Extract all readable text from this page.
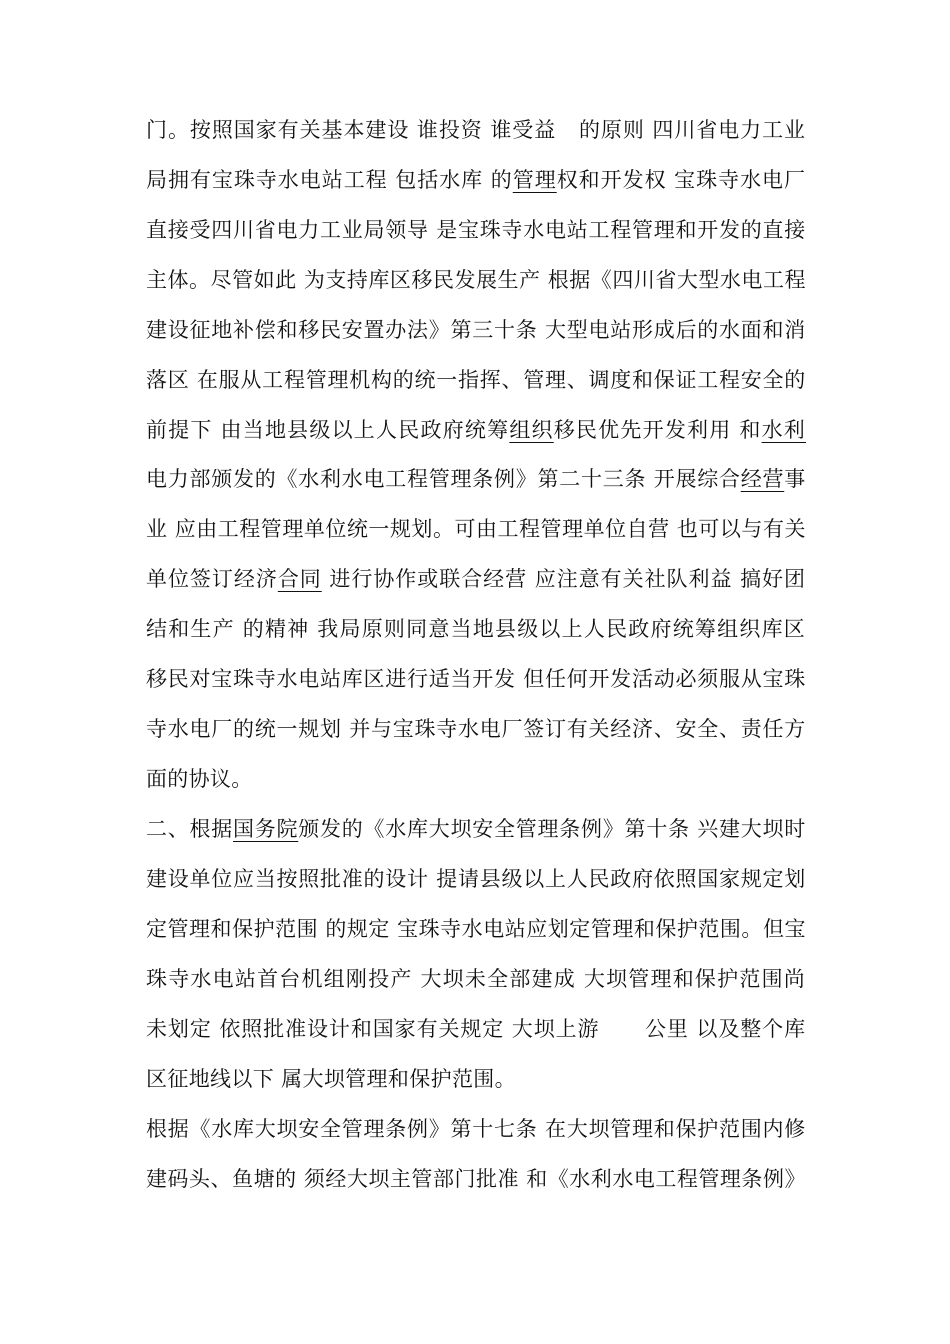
门。按照国家有关基本建设 谁投资 谁受益   的原则 四川省电力工业
局拥有宝珠寺水电站工程 包括水库 的管理权和开发权 宝珠寺水电厂
直接受四川省电力工业局领导 是宝珠寺水电站工程管理和开发的直接
主体。尽管如此 为支持库区移民发展生产 根据《四川省大型水电工程
建设征地补偿和移民安置办法》第三十条 大型电站形成后的水面和消
落区 在服从工程管理机构的统一指挥、管理、调度和保证工程安全的
前提下 由当地县级以上人民政府统筹组织移民优先开发利用 和水利
电力部颁发的《水利水电工程管理条例》第二十三条 开展综合经营事
业 应由工程管理单位统一规划。可由工程管理单位自营 也可以与有关
单位签订经济合同 进行协作或联合经营 应注意有关社队利益 搞好团
结和生产 的精神 我局原则同意当地县级以上人民政府统筹组织库区
移民对宝珠寺水电站库区进行适当开发 但任何开发活动必须服从宝珠
寺水电厂的统一规划 并与宝珠寺水电厂签订有关经济、安全、责任方
面的协议。
二、根据国务院颁发的《水库大坝安全管理条例》第十条 兴建大坝时
建设单位应当按照批准的设计 提请县级以上人民政府依照国家规定划
定管理和保护范围 的规定 宝珠寺水电站应划定管理和保护范围。但宝
珠寺水电站首台机组刚投产 大坝未全部建成 大坝管理和保护范围尚
未划定 依照批准设计和国家有关规定 大坝上游      公里 以及整个库
区征地线以下 属大坝管理和保护范围。
根据《水库大坝安全管理条例》第十七条 在大坝管理和保护范围内修
建码头、鱼塘的 须经大坝主管部门批准 和《水利水电工程管理条例》
